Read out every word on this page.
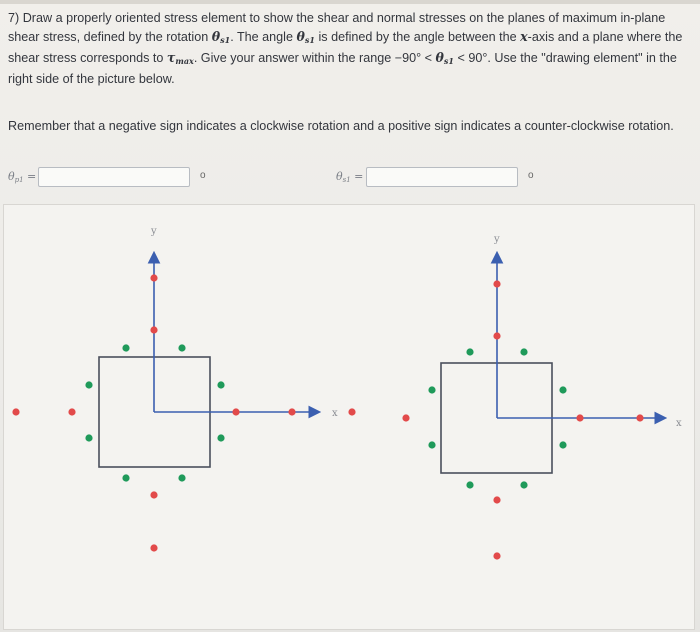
7) Draw a properly oriented stress element to show the shear and normal stresses on the planes of maximum in-plane shear stress, defined by the rotation $\theta_{s1}$. The angle $\theta_{s1}$ is defined by the angle between the x-axis and a plane where the shear stress corresponds to $\tau_{max}$. Give your answer within the range $-90^\circ < \theta_{s1} < 90^\circ$. Use the "drawing element" in the right side of the picture below.

Remember that a negative sign indicates a clockwise rotation and a positive sign indicates a counter-clockwise rotation.

$\theta_{p1}$ =	o	$\theta_{s1}$ =	o
y
x
y
x
